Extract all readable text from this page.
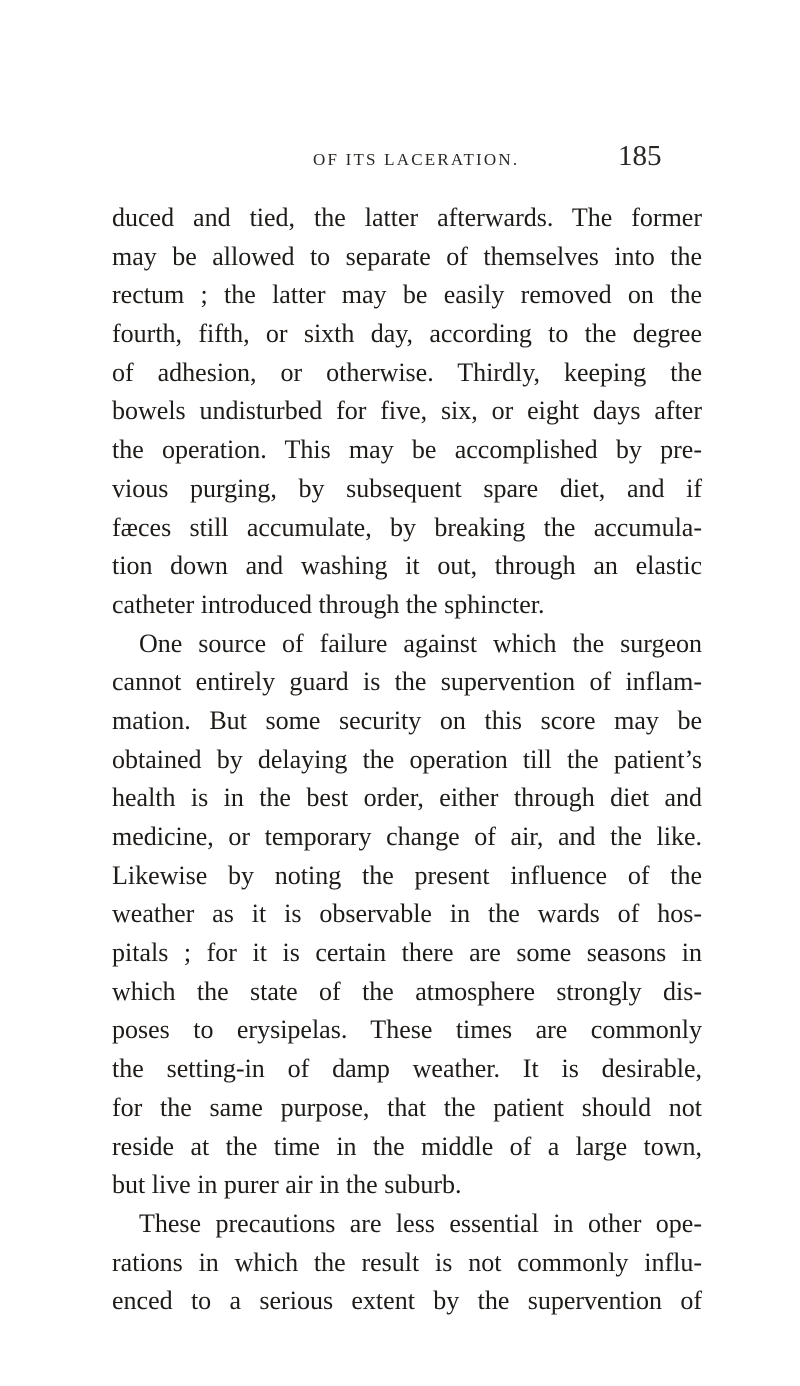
OF ITS LACERATION.	185
duced and tied, the latter afterwards. The former
may be allowed to separate of themselves into the
rectum ; the latter may be easily removed on the
fourth, fifth, or sixth day, according to the degree
of adhesion, or otherwise. Thirdly, keeping the
bowels undisturbed for five, six, or eight days after
the operation. This may be accomplished by pre-
vious purging, by subsequent spare diet, and if
fæces still accumulate, by breaking the accumula-
tion down and washing it out, through an elastic
catheter introduced through the sphincter.
One source of failure against which the surgeon
cannot entirely guard is the supervention of inflam-
mation. But some security on this score may be
obtained by delaying the operation till the patient’s
health is in the best order, either through diet and
medicine, or temporary change of air, and the like.
Likewise by noting the present influence of the
weather as it is observable in the wards of hos-
pitals ; for it is certain there are some seasons in
which the state of the atmosphere strongly dis-
poses to erysipelas. These times are commonly
the setting-in of damp weather. It is desirable,
for the same purpose, that the patient should not
reside at the time in the middle of a large town,
but live in purer air in the suburb.
These precautions are less essential in other ope-
rations in which the result is not commonly influ-
enced to a serious extent by the supervention of
